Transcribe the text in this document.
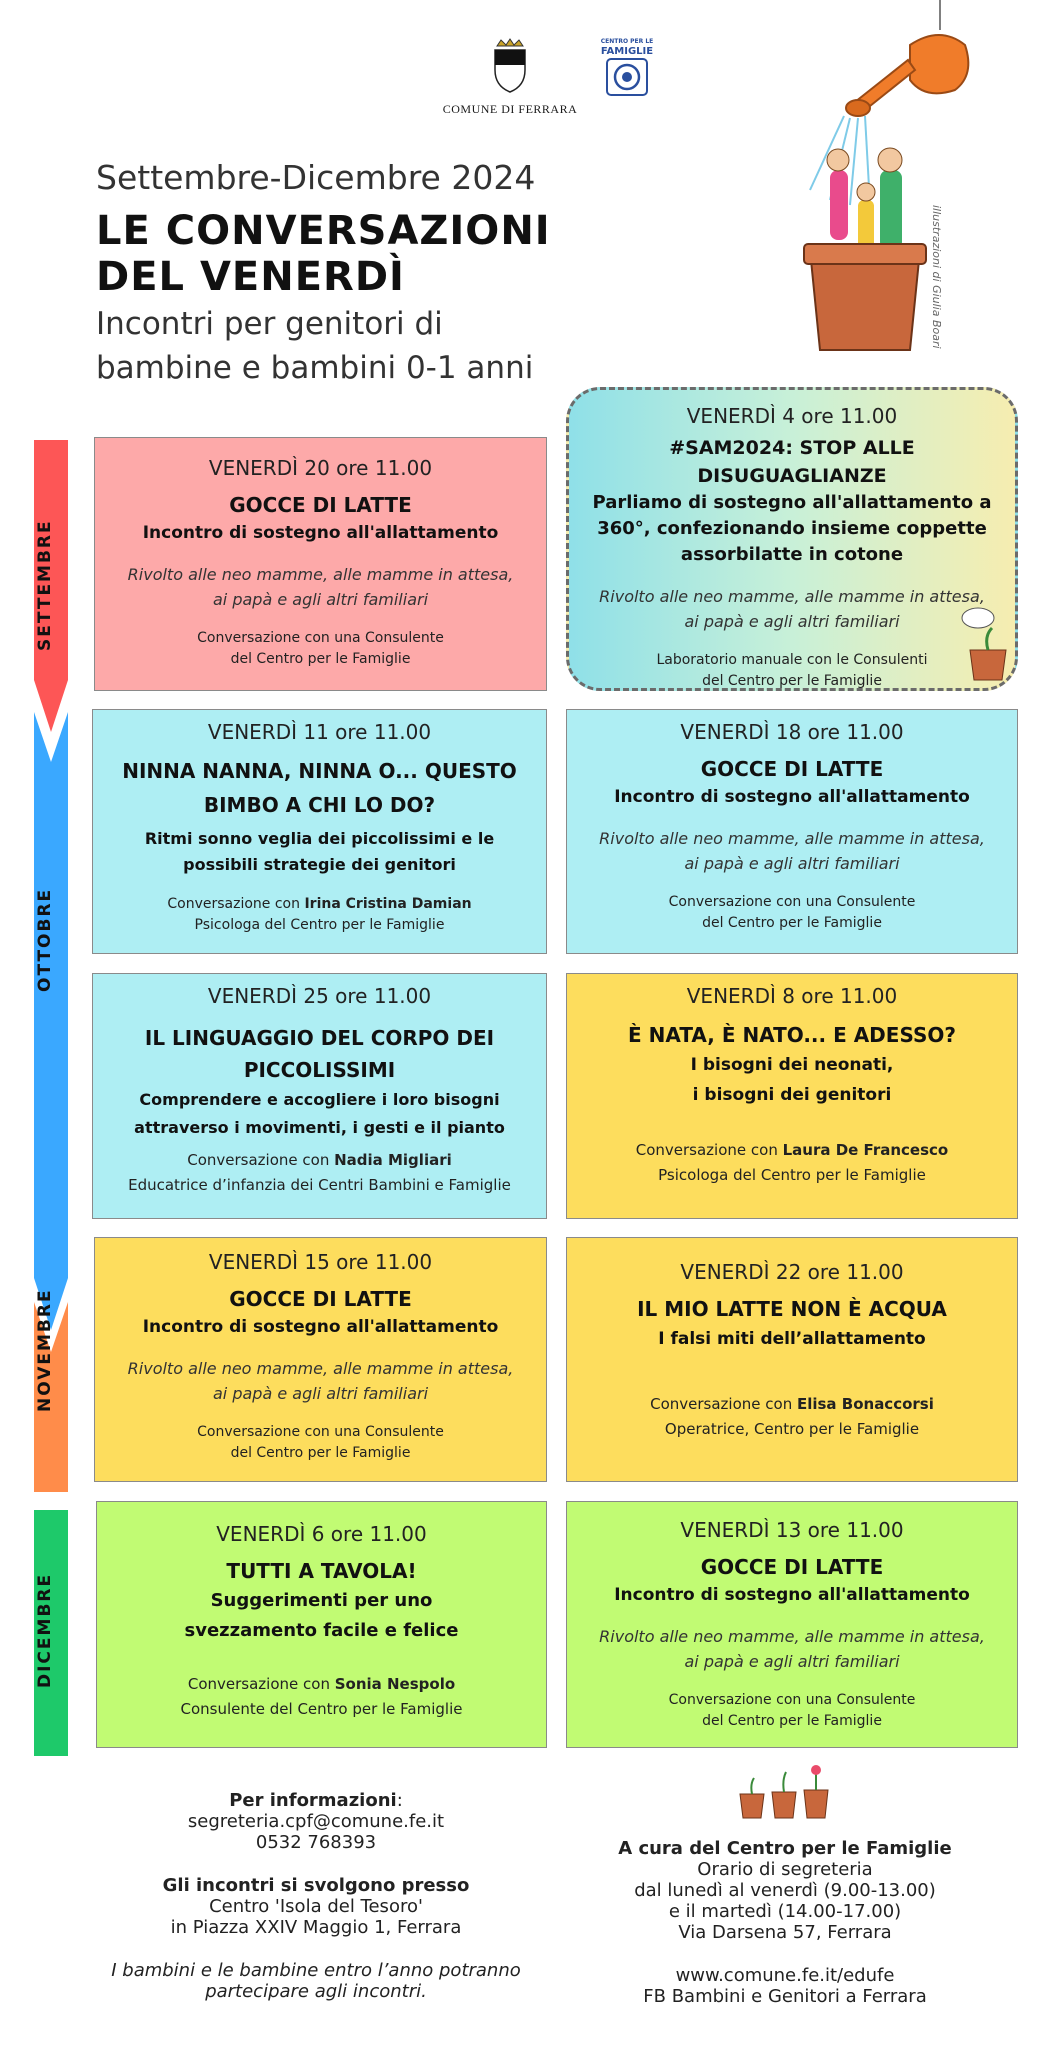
COMUNE DI FERRARA
CENTRO PER LE
FAMIGLIE
Settembre-Dicembre 2024
LE CONVERSAZIONI
DEL VENERDÌ
Incontri per genitori di
bambine e bambini 0-1 anni
illustrazioni di Giulia Boari
SETTEMBRE
OTTOBRE
NOVEMBRE
DICEMBRE
VENERDÌ 20 ore 11.00
GOCCE DI LATTE
Incontro di sostegno all'allattamento
Rivolto alle neo mamme, alle mamme in attesa,
ai papà e agli altri familiari
Conversazione con una Consulente
del Centro per le Famiglie
VENERDÌ 4 ore 11.00
#SAM2024: STOP ALLE DISUGUAGLIANZE
Parliamo di sostegno all'allattamento a
360°, confezionando insieme coppette
assorbilatte in cotone
Rivolto alle neo mamme, alle mamme in attesa,
ai papà e agli altri familiari
Laboratorio manuale con le Consulenti
del Centro per le Famiglie
VENERDÌ 11 ore 11.00
NINNA NANNA, NINNA O... QUESTO
BIMBO A CHI LO DO?
Ritmi sonno veglia dei piccolissimi e le
possibili strategie dei genitori
Conversazione con Irina Cristina Damian
Psicologa del Centro per le Famiglie
VENERDÌ 18 ore 11.00
GOCCE DI LATTE
Incontro di sostegno all'allattamento
Rivolto alle neo mamme, alle mamme in attesa,
ai papà e agli altri familiari
Conversazione con una Consulente
del Centro per le Famiglie
VENERDÌ 25 ore 11.00
IL LINGUAGGIO DEL CORPO DEI
PICCOLISSIMI
Comprendere e accogliere i loro bisogni
attraverso i movimenti, i gesti e il pianto
Conversazione con Nadia Migliari
Educatrice d’infanzia dei Centri Bambini e Famiglie
VENERDÌ 8 ore 11.00
È NATA, È NATO... E ADESSO?
I bisogni dei neonati,
i bisogni dei genitori
Conversazione con Laura De Francesco
Psicologa del Centro per le Famiglie
VENERDÌ 15 ore 11.00
GOCCE DI LATTE
Incontro di sostegno all'allattamento
Rivolto alle neo mamme, alle mamme in attesa,
ai papà e agli altri familiari
Conversazione con una Consulente
del Centro per le Famiglie
VENERDÌ 22 ore 11.00
IL MIO LATTE NON È ACQUA
I falsi miti dell’allattamento
Conversazione con Elisa Bonaccorsi
Operatrice, Centro per le Famiglie
VENERDÌ 6 ore 11.00
TUTTI A TAVOLA!
Suggerimenti per uno
svezzamento facile e felice
Conversazione con Sonia Nespolo
Consulente del Centro per le Famiglie
VENERDÌ 13 ore 11.00
GOCCE DI LATTE
Incontro di sostegno all'allattamento
Rivolto alle neo mamme, alle mamme in attesa,
ai papà e agli altri familiari
Conversazione con una Consulente
del Centro per le Famiglie
Per informazioni:
segreteria.cpf@comune.fe.it
0532 768393
Gli incontri si svolgono presso
Centro 'Isola del Tesoro'
in Piazza XXIV Maggio 1, Ferrara
I bambini e le bambine entro l’anno potranno
partecipare agli incontri.
A cura del Centro per le Famiglie
Orario di segreteria
dal lunedì al venerdì (9.00-13.00)
e il martedì (14.00-17.00)
Via Darsena 57, Ferrara
www.comune.fe.it/edufe
FB Bambini e Genitori a Ferrara
